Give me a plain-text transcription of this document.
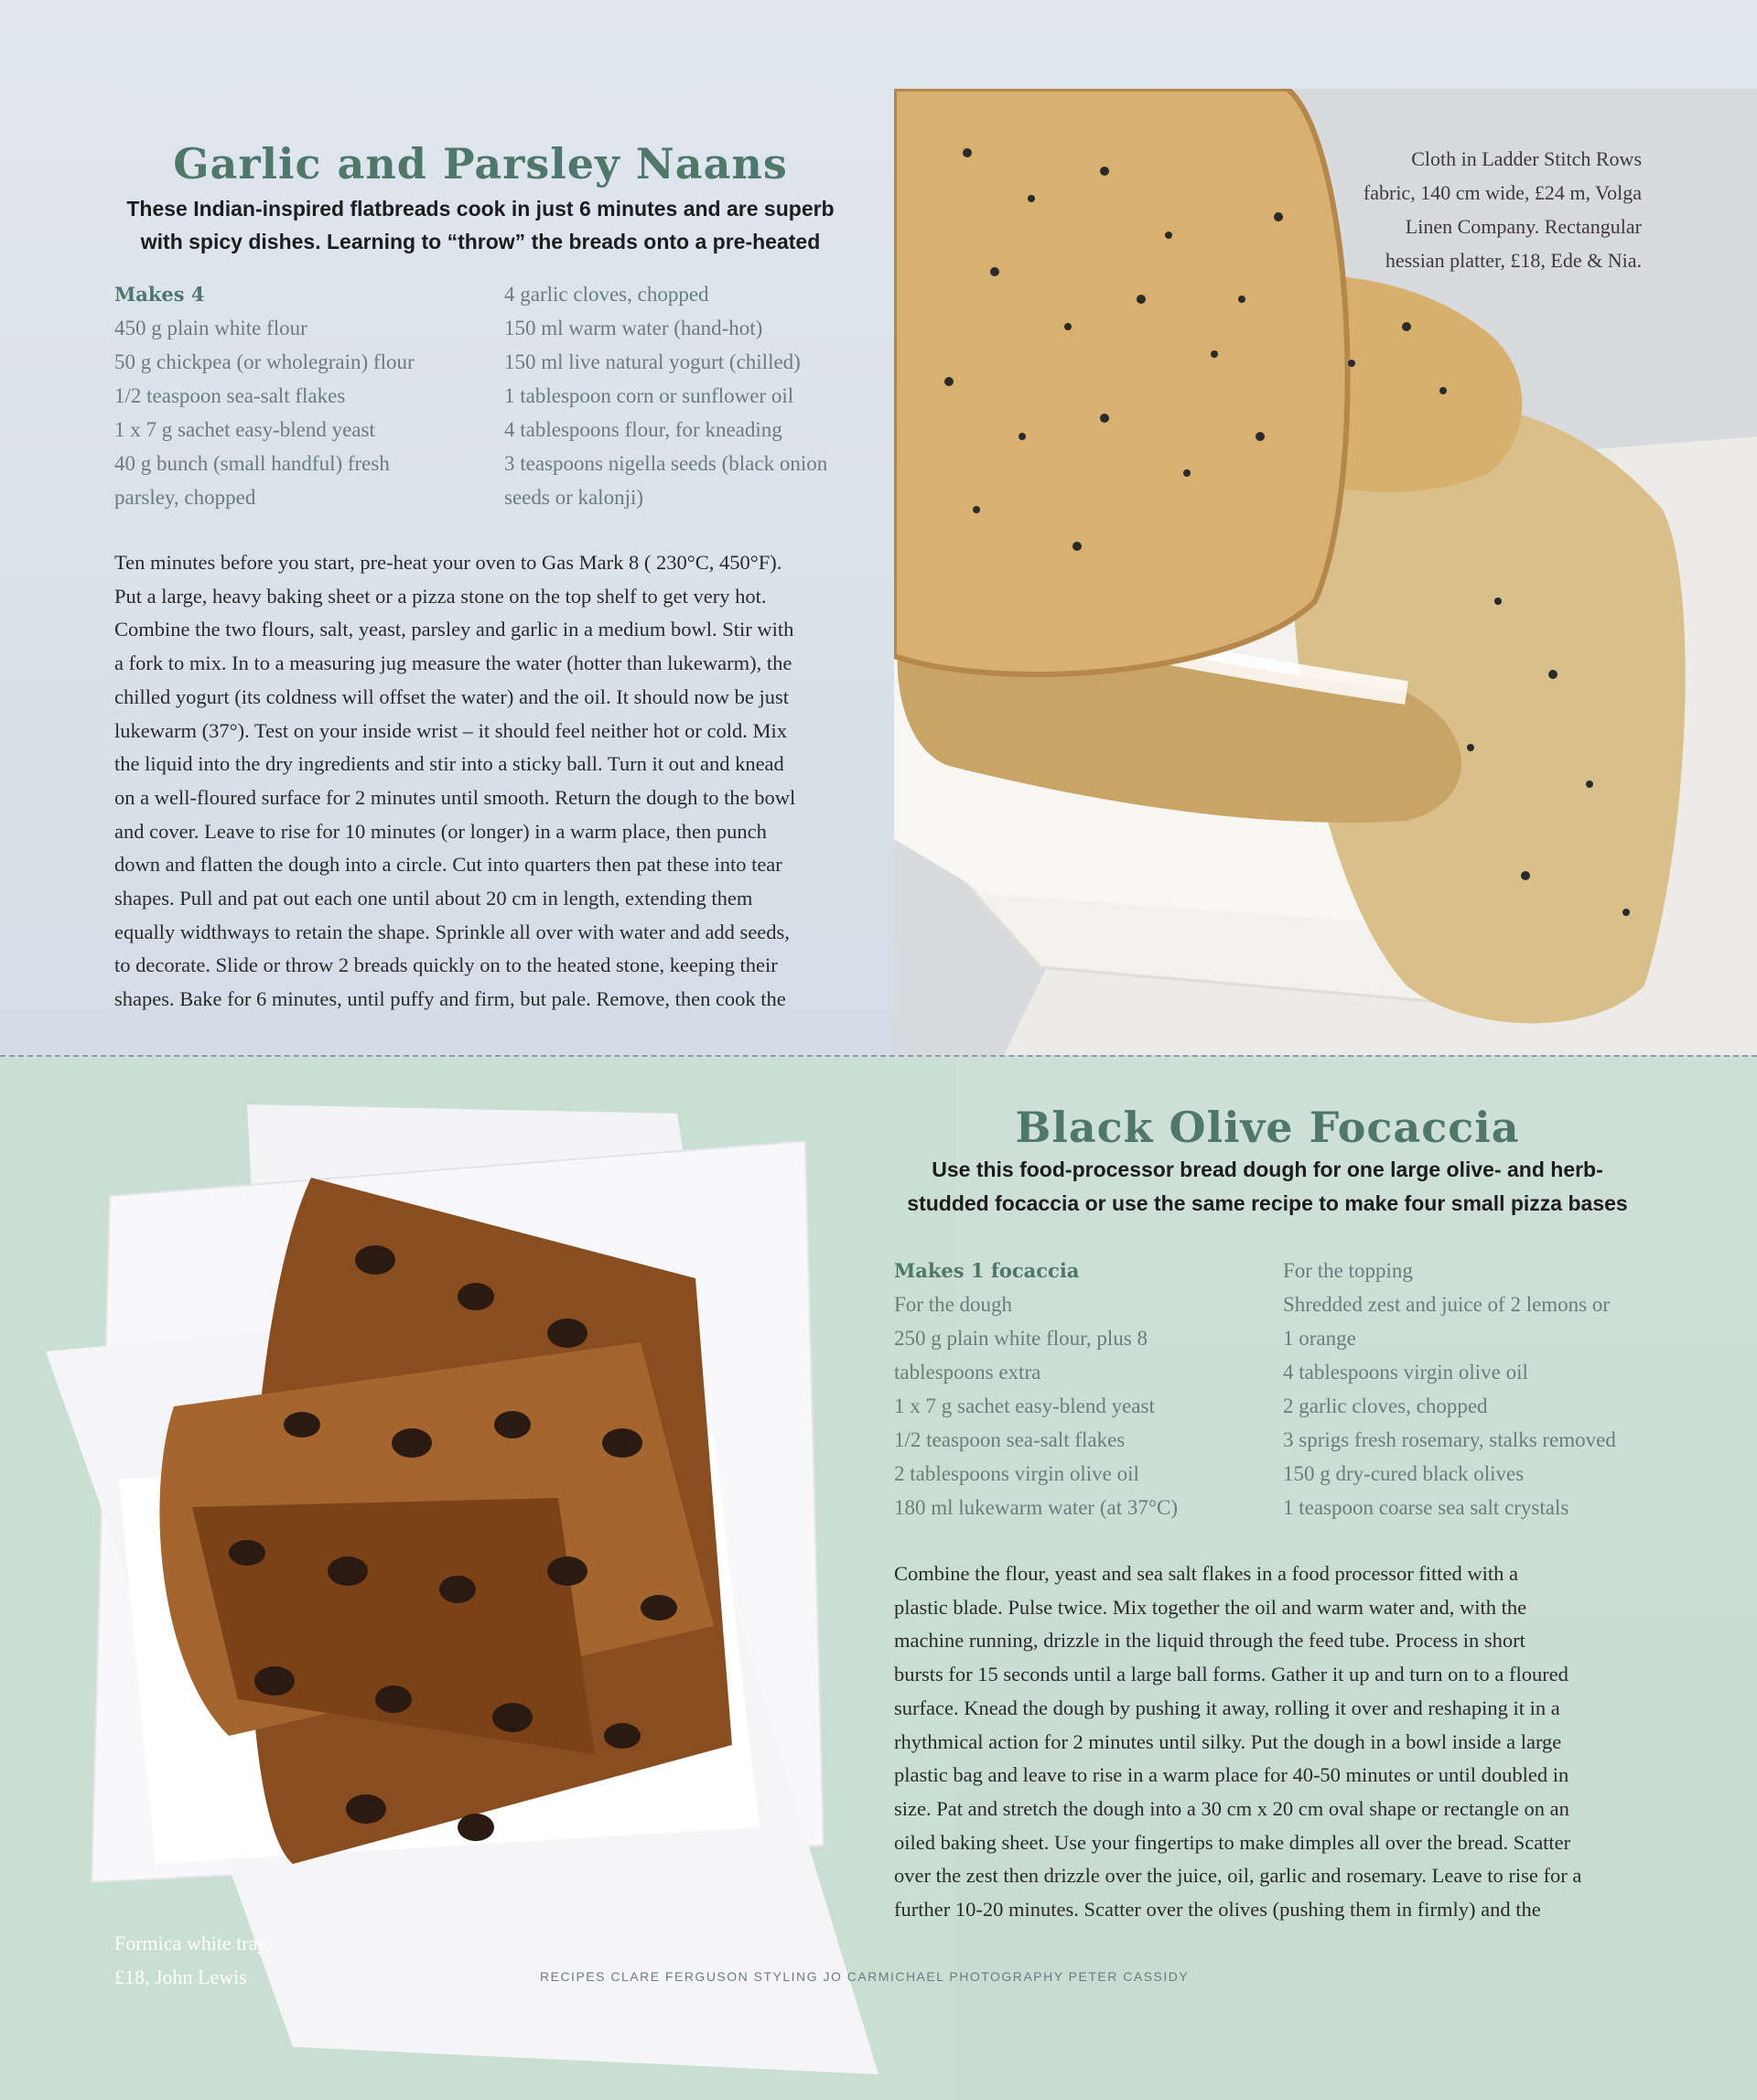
Garlic and Parsley Naans

These Indian-inspired flatbreads cook in just 6 minutes and are superb

with spicy dishes. Learning to “throw” the breads onto a pre-heated

Makes 4
450 g plain white flour
50 g chickpea (or wholegrain) flour
1/2 teaspoon sea-salt flakes
1 x 7 g sachet easy-blend yeast
40 g bunch (small handful) fresh
parsley, chopped
4 garlic cloves, chopped
150 ml warm water (hand-hot)
150 ml live natural yogurt (chilled)
1 tablespoon corn or sunflower oil
4 tablespoons flour, for kneading
3 teaspoons nigella seeds (black onion
seeds or kalonji)
Ten minutes before you start, pre-heat your oven to Gas Mark 8 ( 230°C, 450°F).
Put a large, heavy baking sheet or a pizza stone on the top shelf to get very hot.
Combine the two flours, salt, yeast, parsley and garlic in a medium bowl. Stir with
a fork to mix. In to a measuring jug measure the water (hotter than lukewarm), the
chilled yogurt (its coldness will offset the water) and the oil. It should now be just
lukewarm (37°). Test on your inside wrist – it should feel neither hot or cold. Mix
the liquid into the dry ingredients and stir into a sticky ball. Turn it out and knead
on a well-floured surface for 2 minutes until smooth. Return the dough to the bowl
and cover. Leave to rise for 10 minutes (or longer) in a warm place, then punch
down and flatten the dough into a circle. Cut into quarters then pat these into tear
shapes. Pull and pat out each one until about 20 cm in length, extending them
equally widthways to retain the shape. Sprinkle all over with water and add seeds,
to decorate. Slide or throw 2 breads quickly on to the heated stone, keeping their
shapes. Bake for 6 minutes, until puffy and firm, but pale. Remove, then cook the
Cloth in Ladder Stitch Rows
fabric, 140 cm wide, £24 m, Volga
Linen Company. Rectangular
hessian platter, £18, Ede & Nia.
Black Olive Focaccia

Use this food-processor bread dough for one large olive- and herb-

studded focaccia or use the same recipe to make four small pizza bases

Makes 1 focaccia
For the dough
250 g plain white flour, plus 8
tablespoons extra
1 x 7 g sachet easy-blend yeast
1/2 teaspoon sea-salt flakes
2 tablespoons virgin olive oil
180 ml lukewarm water (at 37°C)
For the topping
Shredded zest and juice of 2 lemons or
1 orange
4 tablespoons virgin olive oil
2 garlic cloves, chopped
3 sprigs fresh rosemary, stalks removed
150 g dry-cured black olives
1 teaspoon coarse sea salt crystals
Combine the flour, yeast and sea salt flakes in a food processor fitted with a
plastic blade. Pulse twice. Mix together the oil and warm water and, with the
machine running, drizzle in the liquid through the feed tube. Process in short
bursts for 15 seconds until a large ball forms. Gather it up and turn on to a floured
surface. Knead the dough by pushing it away, rolling it over and reshaping it in a
rhythmical action for 2 minutes until silky. Put the dough in a bowl inside a large
plastic bag and leave to rise in a warm place for 40-50 minutes or until doubled in
size. Pat and stretch the dough into a 30 cm x 20 cm oval shape or rectangle on an
oiled baking sheet. Use your fingertips to make dimples all over the bread. Scatter
over the zest then drizzle over the juice, oil, garlic and rosemary. Leave to rise for a
further 10-20 minutes. Scatter over the olives (pushing them in firmly) and the
Formica white tray,
£18, John Lewis	RECIPES CLARE FERGUSON STYLING JO CARMICHAEL PHOTOGRAPHY PETER CASSIDY
